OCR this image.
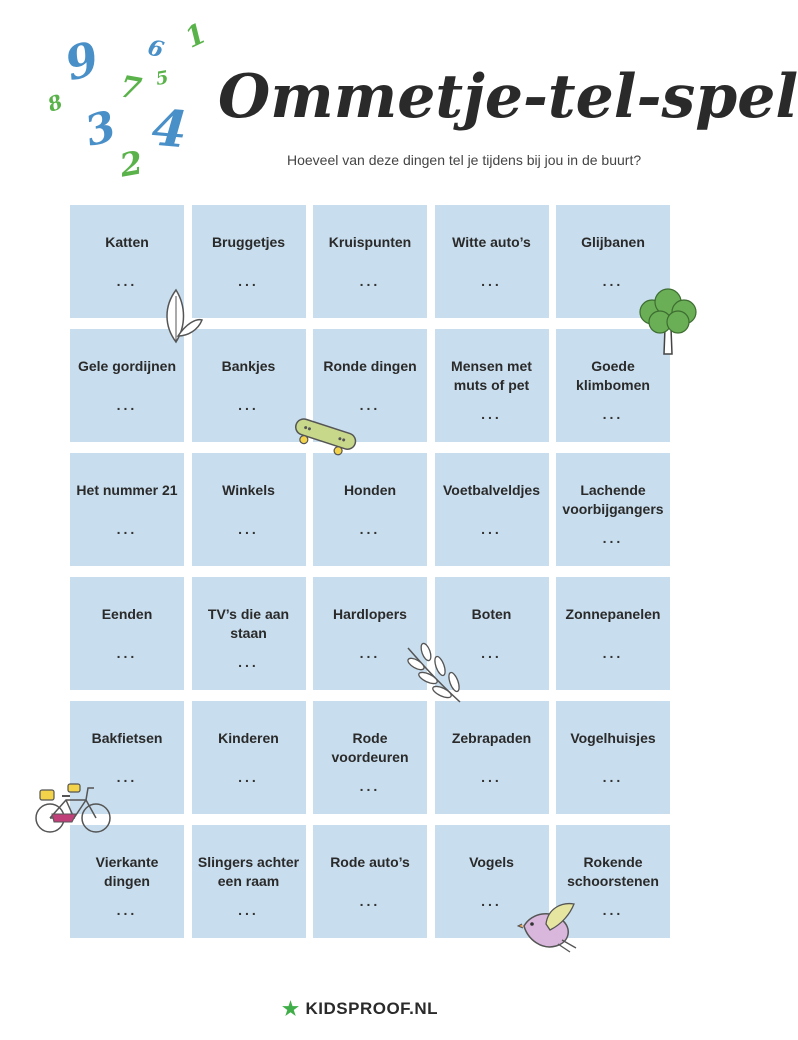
9 6 1
7 5
8 3 4
2
Ommetje-tel-spel
Hoeveel van deze dingen tel je tijdens bij jou in de buurt?
Katten
...
Bruggetjes
...
Kruispunten
...
Witte auto’s
...
Glijbanen
...
Gele gordijnen
...
Bankjes
...
Ronde dingen
...
Mensen met muts of pet
...
Goede klimbomen
...
Het nummer 21
...
Winkels
...
Honden
...
Voetbalveldjes
...
Lachende voorbijgangers
...
Eenden
...
TV’s die aan staan
...
Hardlopers
...
Boten
...
Zonnepanelen
...
Bakfietsen
...
Kinderen
...
Rode voordeuren
...
Zebrapaden
...
Vogelhuisjes
...
Vierkante dingen
...
Slingers achter een raam
...
Rode auto’s
...
Vogels
...
Rokende schoorstenen
...
★ KIDSPROOF.NL
